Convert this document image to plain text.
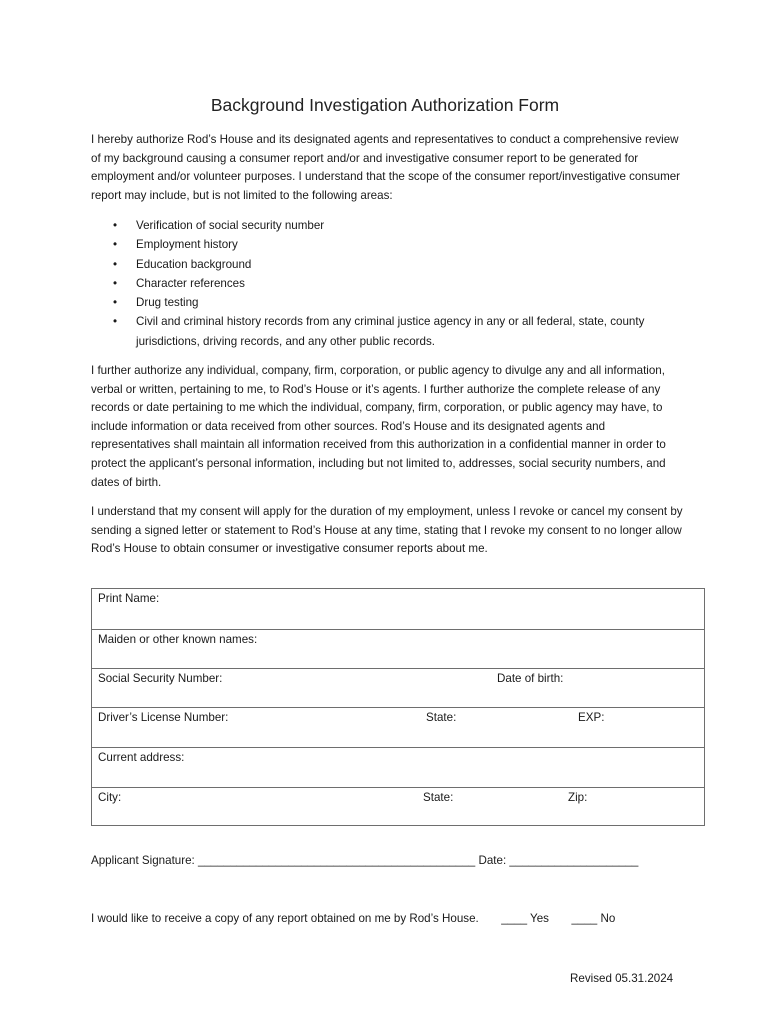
Background Investigation Authorization Form

I hereby authorize Rod’s House and its designated agents and representatives to conduct a comprehensive review of my background causing a consumer report and/or and investigative consumer report to be generated for employment and/or volunteer purposes. I understand that the scope of the consumer report/investigative consumer report may include, but is not limited to the following areas:

• Verification of social security number
• Employment history
• Education background
• Character references
• Drug testing
• Civil and criminal history records from any criminal justice agency in any or all federal, state, county jurisdictions, driving records, and any other public records.

I further authorize any individual, company, firm, corporation, or public agency to divulge any and all information, verbal or written, pertaining to me, to Rod’s House or it’s agents. I further authorize the complete release of any records or date pertaining to me which the individual, company, firm, corporation, or public agency may have, to include information or data received from other sources. Rod’s House and its designated agents and representatives shall maintain all information received from this authorization in a confidential manner in order to protect the applicant’s personal information, including but not limited to, addresses, social security numbers, and dates of birth.

I understand that my consent will apply for the duration of my employment, unless I revoke or cancel my consent by sending a signed letter or statement to Rod’s House at any time, stating that I revoke my consent to no longer allow Rod’s House to obtain consumer or investigative consumer reports about me.

Print Name:
Maiden or other known names:
Social Security Number:	Date of birth:
Driver’s License Number:	State:	EXP:
Current address:
City:	State:	Zip:
Applicant Signature: ___________________________________________ Date: ____________________
I would like to receive a copy of any report obtained on me by Rod’s House. ____ Yes ____ No
Revised 05.31.2024
